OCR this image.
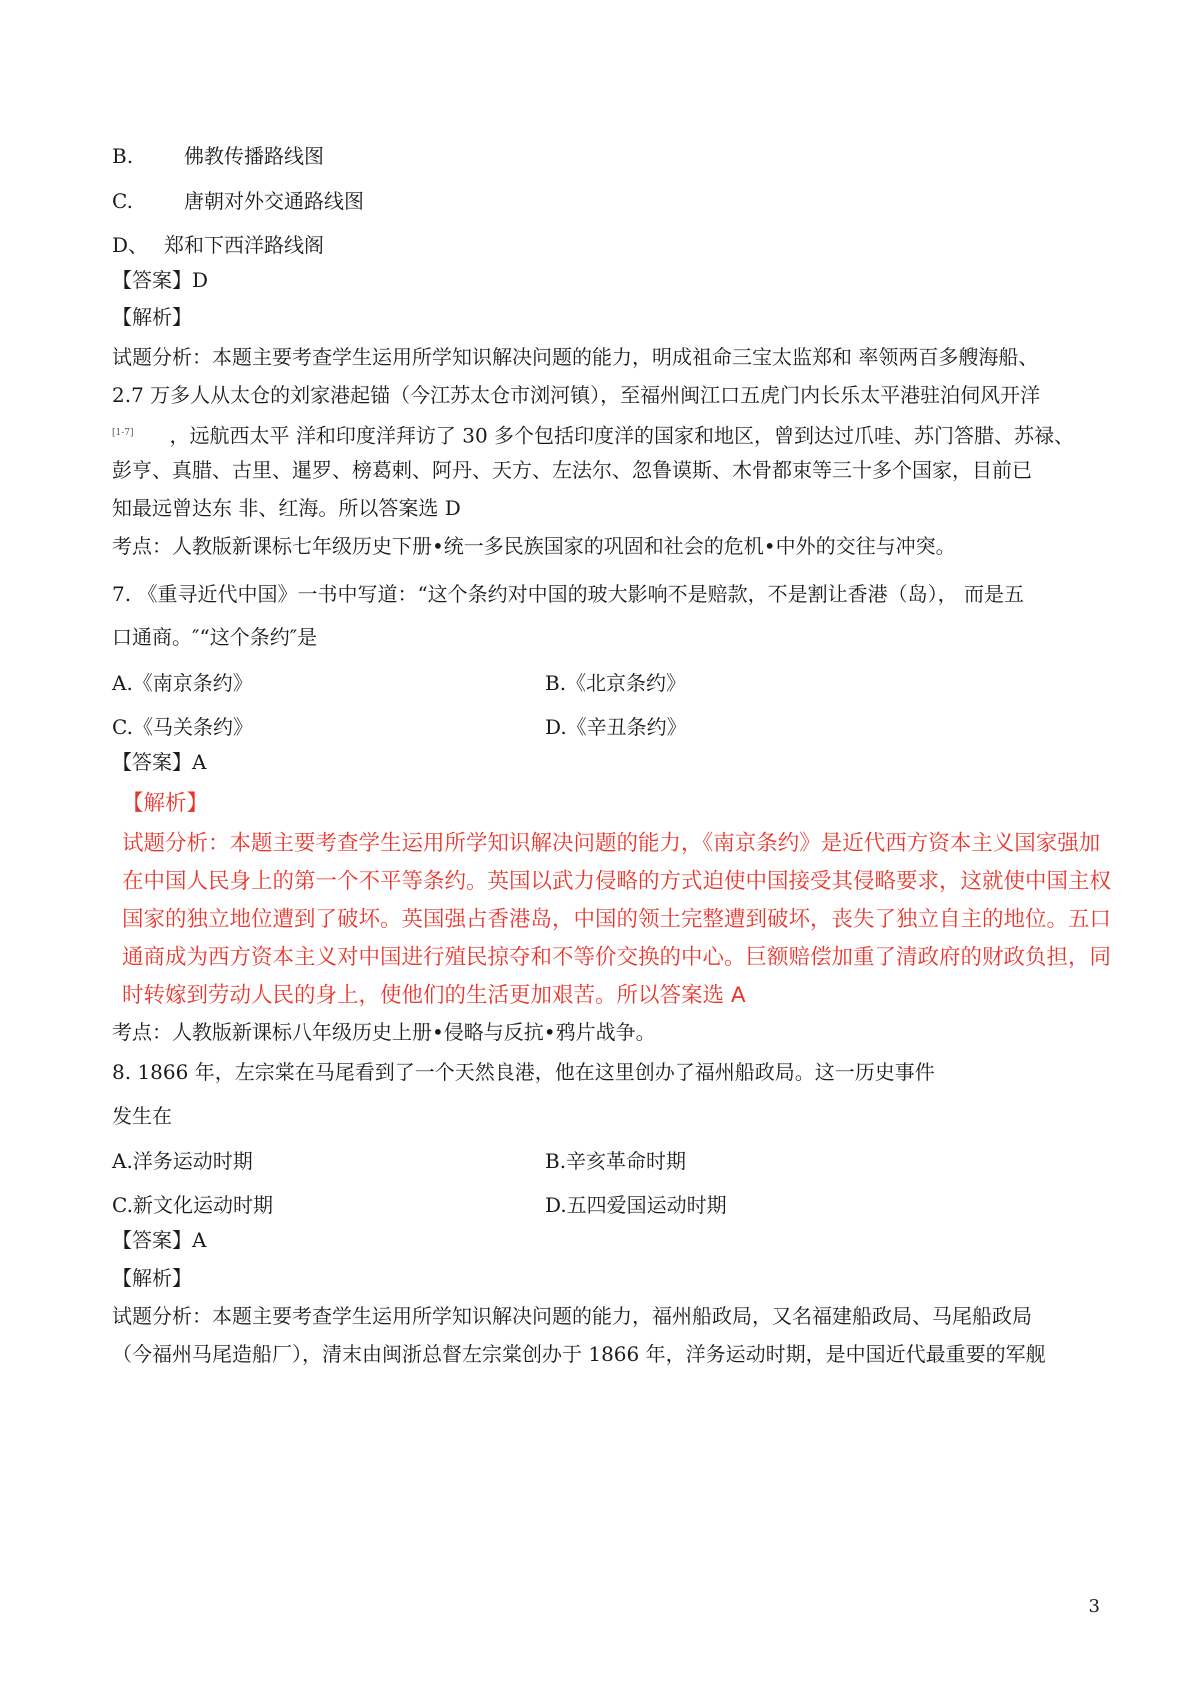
B.	佛教传播路线图
C.	唐朝对外交通路线图
D、 郑和下西洋路线阁
【答案】D
【解析】
试题分析：本题主要考查学生运用所学知识解决问题的能力，明成祖命三宝太监郑和 率领两百多艘海船、
2.7 万多人从太仓的刘家港起锚（今江苏太仓市浏河镇），至福州闽江口五虎门内长乐太平港驻泊伺风开洋
[1-7] ，远航西太平 洋和印度洋拜访了 30 多个包括印度洋的国家和地区，曾到达过爪哇、苏门答腊、苏禄、
彭亨、真腊、古里、暹罗、榜葛剌、阿丹、天方、左法尔、忽鲁谟斯、木骨都束等三十多个国家，目前已
知最远曾达东 非、红海。所以答案选 D
考点：人教版新课标七年级历史下册•统一多民族国家的巩固和社会的危机•中外的交往与冲突。
7. 《重寻近代中国》一书中写道：“这个条约对中国的玻大影响不是赔款，不是割让香港（岛）， 而是五
口通商。″“这个条约″是
A.《南京条约》	B.《北京条约》
C.《马关条约》	D.《辛丑条约》
【答案】A
【解析】
试题分析：本题主要考查学生运用所学知识解决问题的能力，《南京条约》是近代西方资本主义国家强加
在中国人民身上的第一个不平等条约。英国以武力侵略的方式迫使中国接受其侵略要求，这就使中国主权
国家的独立地位遭到了破坏。英国强占香港岛，中国的领土完整遭到破坏，丧失了独立自主的地位。五口
通商成为西方资本主义对中国进行殖民掠夺和不等价交换的中心。巨额赔偿加重了清政府的财政负担，同
时转嫁到劳动人民的身上，使他们的生活更加艰苦。所以答案选 A
考点：人教版新课标八年级历史上册•侵略与反抗•鸦片战争。
8. 1866 年，左宗棠在马尾看到了一个天然良港，他在这里创办了福州船政局。这一历史事件
发生在
A.洋务运动时期	B.辛亥革命时期
C.新文化运动时期	D.五四爱国运动时期
【答案】A
【解析】
试题分析：本题主要考查学生运用所学知识解决问题的能力，福州船政局，又名福建船政局、马尾船政局
（今福州马尾造船厂），清末由闽浙总督左宗棠创办于 1866 年，洋务运动时期，是中国近代最重要的军舰
3
